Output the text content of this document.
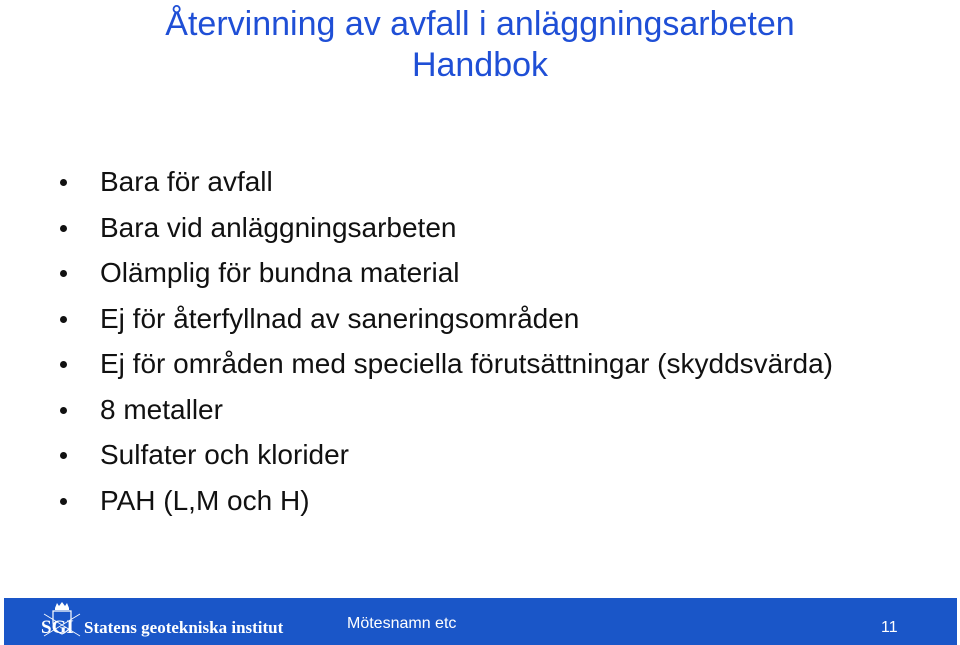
Återvinning av avfall i anläggningsarbeten
Handbok
Bara för avfall
Bara vid anläggningsarbeten
Olämplig för bundna material
Ej för återfyllnad av saneringsområden
Ej för områden med speciella förutsättningar (skyddsvärda)
8 metaller
Sulfater och klorider
PAH (L,M och H)
SGI Statens geotekniska institut	Mötesnamn etc	11
